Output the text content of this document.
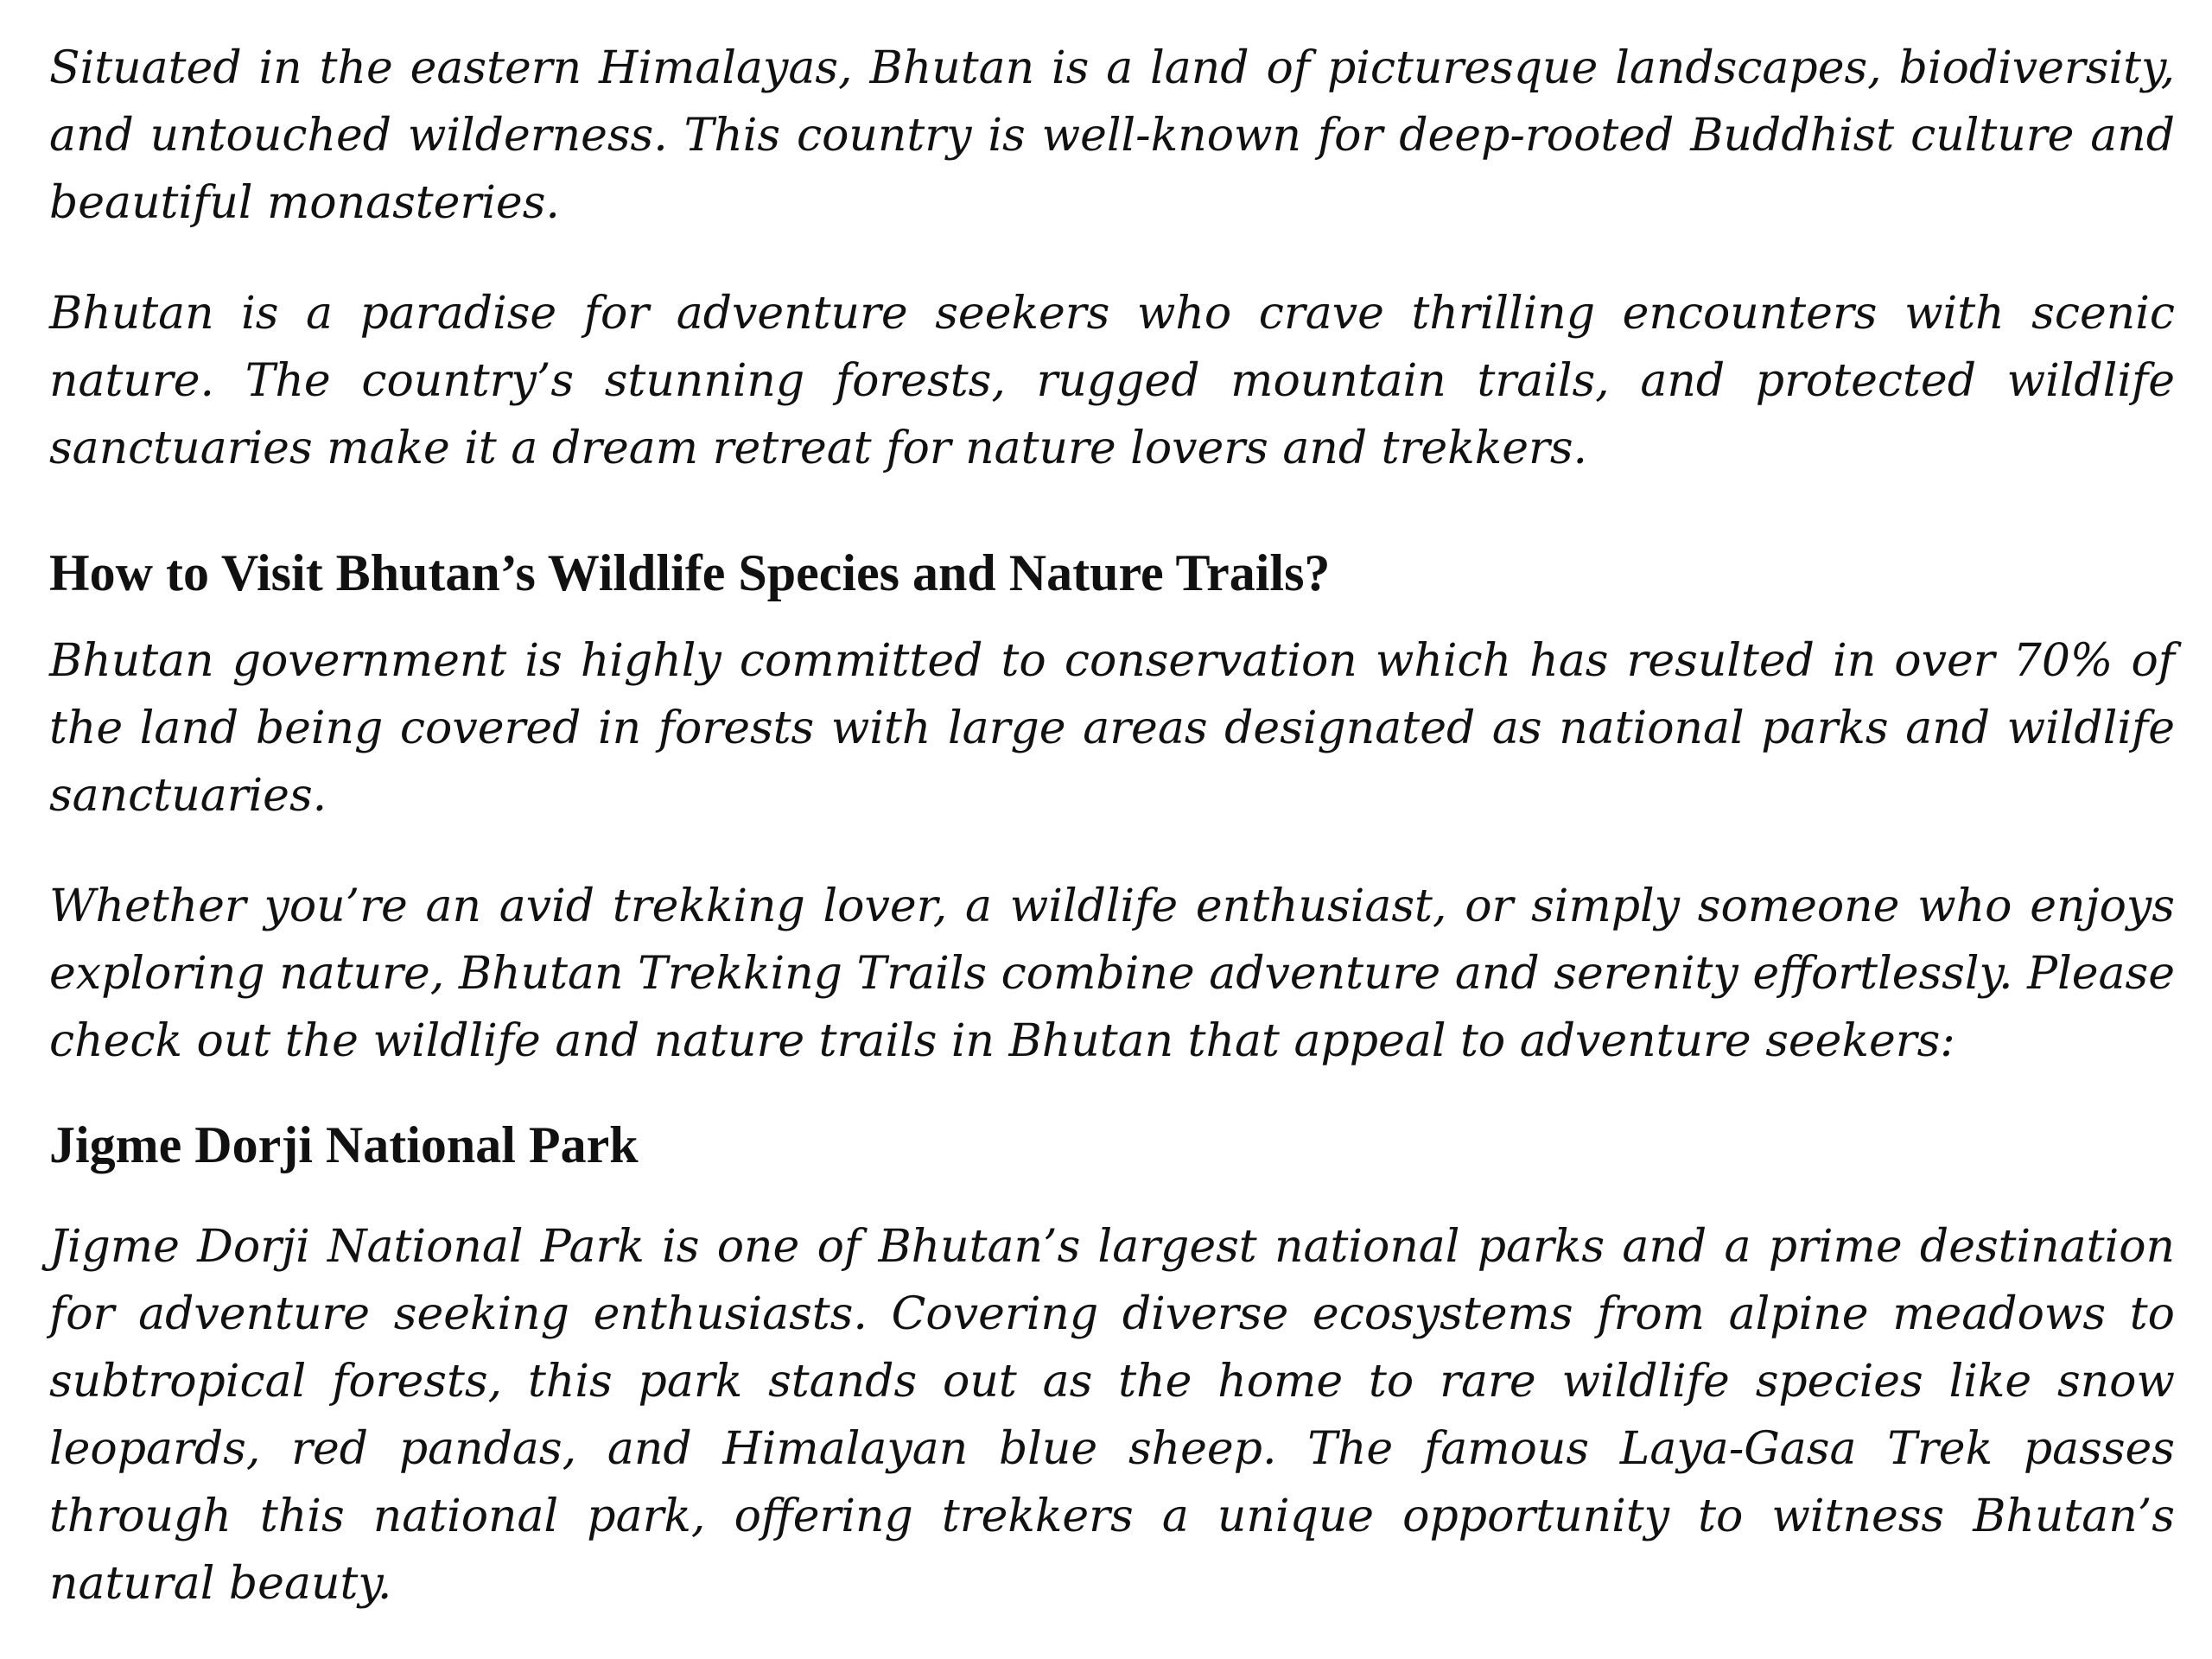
Situated in the eastern Himalayas, Bhutan is a land of picturesque landscapes, biodiversity, and untouched wilderness. This country is well-known for deep-rooted Buddhist culture and beautiful monasteries.

Bhutan is a paradise for adventure seekers who crave thrilling encounters with scenic nature. The country’s stunning forests, rugged mountain trails, and protected wildlife sanctuaries make it a dream retreat for nature lovers and trekkers.

How to Visit Bhutan’s Wildlife Species and Nature Trails?

Bhutan government is highly committed to conservation which has resulted in over 70% of the land being covered in forests with large areas designated as national parks and wildlife sanctuaries.

Whether you’re an avid trekking lover, a wildlife enthusiast, or simply someone who enjoys exploring nature, Bhutan Trekking Trails combine adventure and serenity effortlessly. Please check out the wildlife and nature trails in Bhutan that appeal to adventure seekers:

Jigme Dorji National Park

Jigme Dorji National Park is one of Bhutan’s largest national parks and a prime destination for adventure seeking enthusiasts. Covering diverse ecosystems from alpine meadows to subtropical forests, this park stands out as the home to rare wildlife species like snow leopards, red pandas, and Himalayan blue sheep. The famous Laya-Gasa Trek passes through this national park, offering trekkers a unique opportunity to witness Bhutan’s natural beauty.
